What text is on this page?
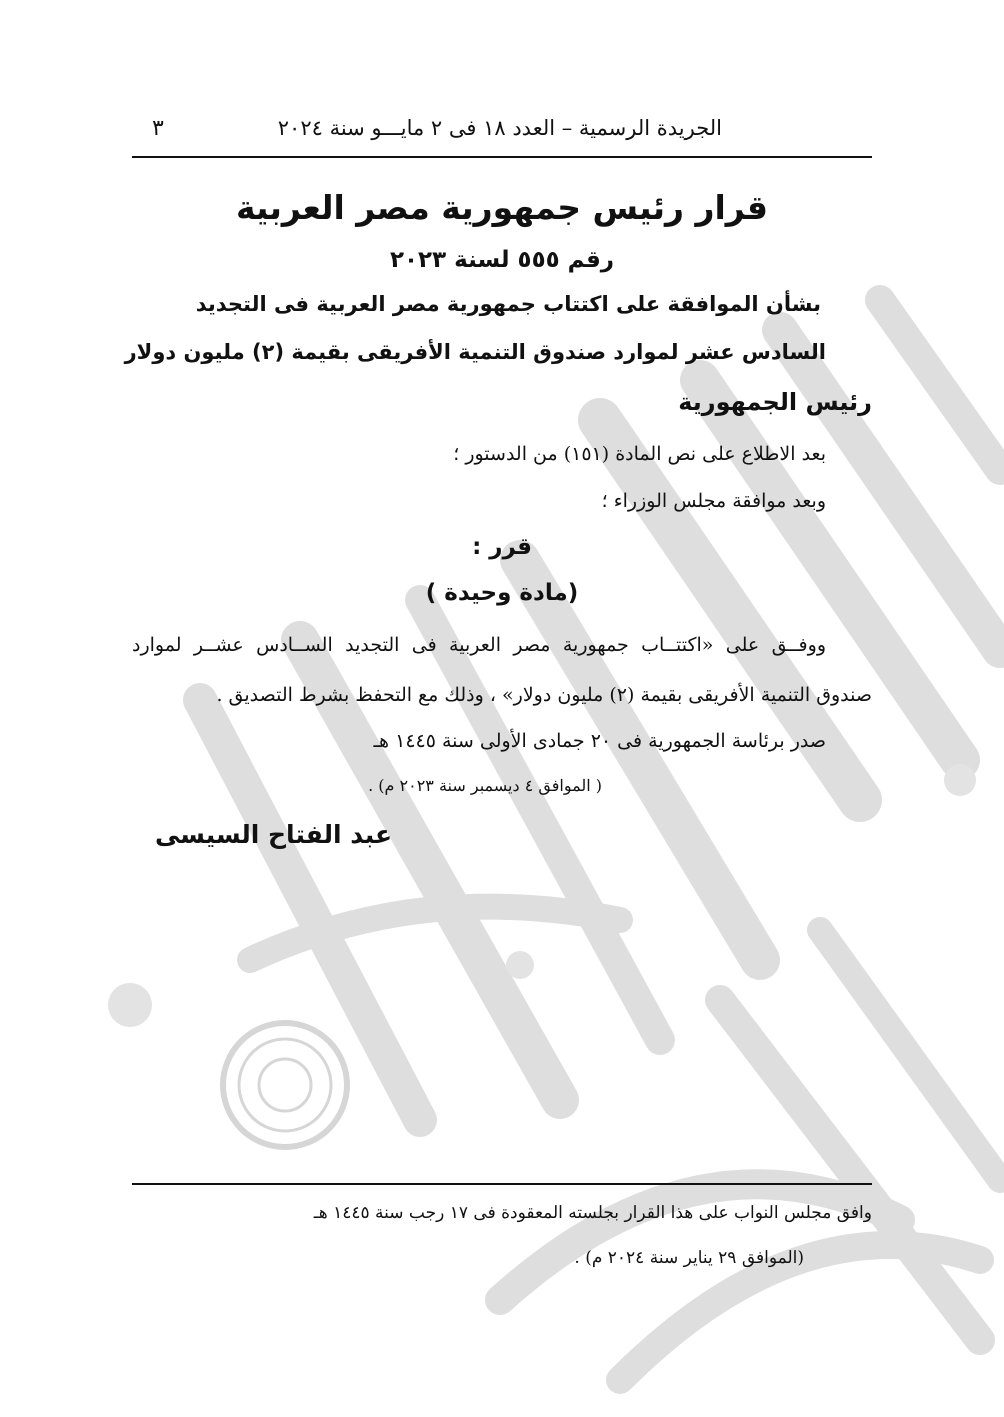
الجريدة الرسمية – العدد ١٨ فى ٢ مايـــو سنة ٢٠٢٤
٣
قرار رئيس جمهورية مصر العربية
رقم ٥٥٥ لسنة ٢٠٢٣
بشأن الموافقة على اكتتاب جمهورية مصر العربية فى التجديد
السادس عشر لموارد صندوق التنمية الأفريقى بقيمة (٢) مليون دولار
رئيس الجمهورية
بعد الاطلاع على نص المادة (١٥١) من الدستور ؛
وبعد موافقة مجلس الوزراء ؛
قرر :
(مادة وحيدة )
ووفــق على «اكتتــاب جمهورية مصر العربية فى التجديد الســادس عشــر لموارد
صندوق التنمية الأفريقى بقيمة (٢) مليون دولار» ، وذلك مع التحفظ بشرط التصديق .
صدر برئاسة الجمهورية فى ٢٠ جمادى الأولى سنة ١٤٤٥ هـ
( الموافق ٤ ديسمبر سنة ٢٠٢٣ م) .
عبد الفتاح السيسى
وافق مجلس النواب على هذا القرار بجلسته المعقودة فى ١٧ رجب سنة ١٤٤٥ هـ
(الموافق ٢٩ يناير سنة ٢٠٢٤ م) .
